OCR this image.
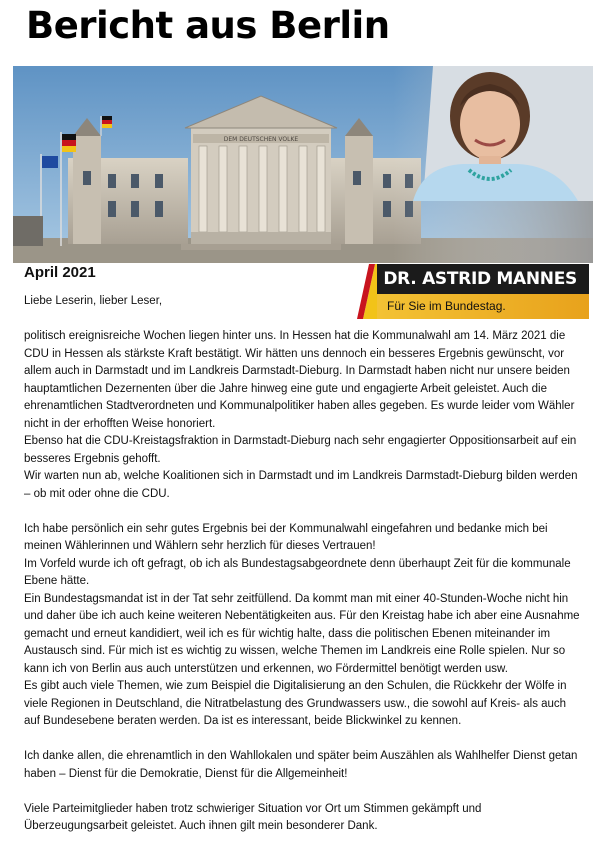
Bericht aus Berlin
DEM DEUTSCHEN VOLKE
DR. ASTRID MANNES
Für Sie im Bundestag.
April 2021

Liebe Leserin, lieber Leser,

politisch ereignisreiche Wochen liegen hinter uns. In Hessen hat die Kommunalwahl am 14. März 2021 die CDU in Hessen als stärkste Kraft bestätigt. Wir hätten uns dennoch ein besseres Ergebnis gewünscht, vor allem auch in Darmstadt und im Landkreis Darmstadt-Dieburg. In Darmstadt haben nicht nur unsere beiden hauptamtlichen Dezernenten über die Jahre hinweg eine gute und engagierte Arbeit geleistet. Auch die ehrenamtlichen Stadtverordneten und Kommunalpolitiker haben alles gegeben. Es wurde leider vom Wähler nicht in der erhofften Weise honoriert.
Ebenso hat die CDU-Kreistagsfraktion in Darmstadt-Dieburg nach sehr engagierter Oppositionsarbeit auf ein besseres Ergebnis gehofft.
Wir warten nun ab, welche Koalitionen sich in Darmstadt und im Landkreis Darmstadt-Dieburg bilden werden – ob mit oder ohne die CDU.

Ich habe persönlich ein sehr gutes Ergebnis bei der Kommunalwahl eingefahren und bedanke mich bei meinen Wählerinnen und Wählern sehr herzlich für dieses Vertrauen!
Im Vorfeld wurde ich oft gefragt, ob ich als Bundestagsabgeordnete denn überhaupt Zeit für die kommunale Ebene hätte.
Ein Bundestagsmandat ist in der Tat sehr zeitfüllend. Da kommt man mit einer 40-Stunden-Woche nicht hin und daher übe ich auch keine weiteren Nebentätigkeiten aus. Für den Kreistag habe ich aber eine Ausnahme gemacht und erneut kandidiert, weil ich es für wichtig halte, dass die politischen Ebenen miteinander im Austausch sind. Für mich ist es wichtig zu wissen, welche Themen im Landkreis eine Rolle spielen. Nur so kann ich von Berlin aus auch unterstützen und erkennen, wo Fördermittel benötigt werden usw.
Es gibt auch viele Themen, wie zum Beispiel die Digitalisierung an den Schulen, die Rückkehr der Wölfe in viele Regionen in Deutschland, die Nitratbelastung des Grundwassers usw., die sowohl auf Kreis- als auch auf Bundesebene beraten werden. Da ist es interessant, beide Blickwinkel zu kennen.

Ich danke allen, die ehrenamtlich in den Wahllokalen und später beim Auszählen als Wahlhelfer Dienst getan haben – Dienst für die Demokratie, Dienst für die Allgemeinheit!

Viele Parteimitglieder haben trotz schwieriger Situation vor Ort um Stimmen gekämpft und Überzeugungsarbeit geleistet. Auch ihnen gilt mein besonderer Dank.
